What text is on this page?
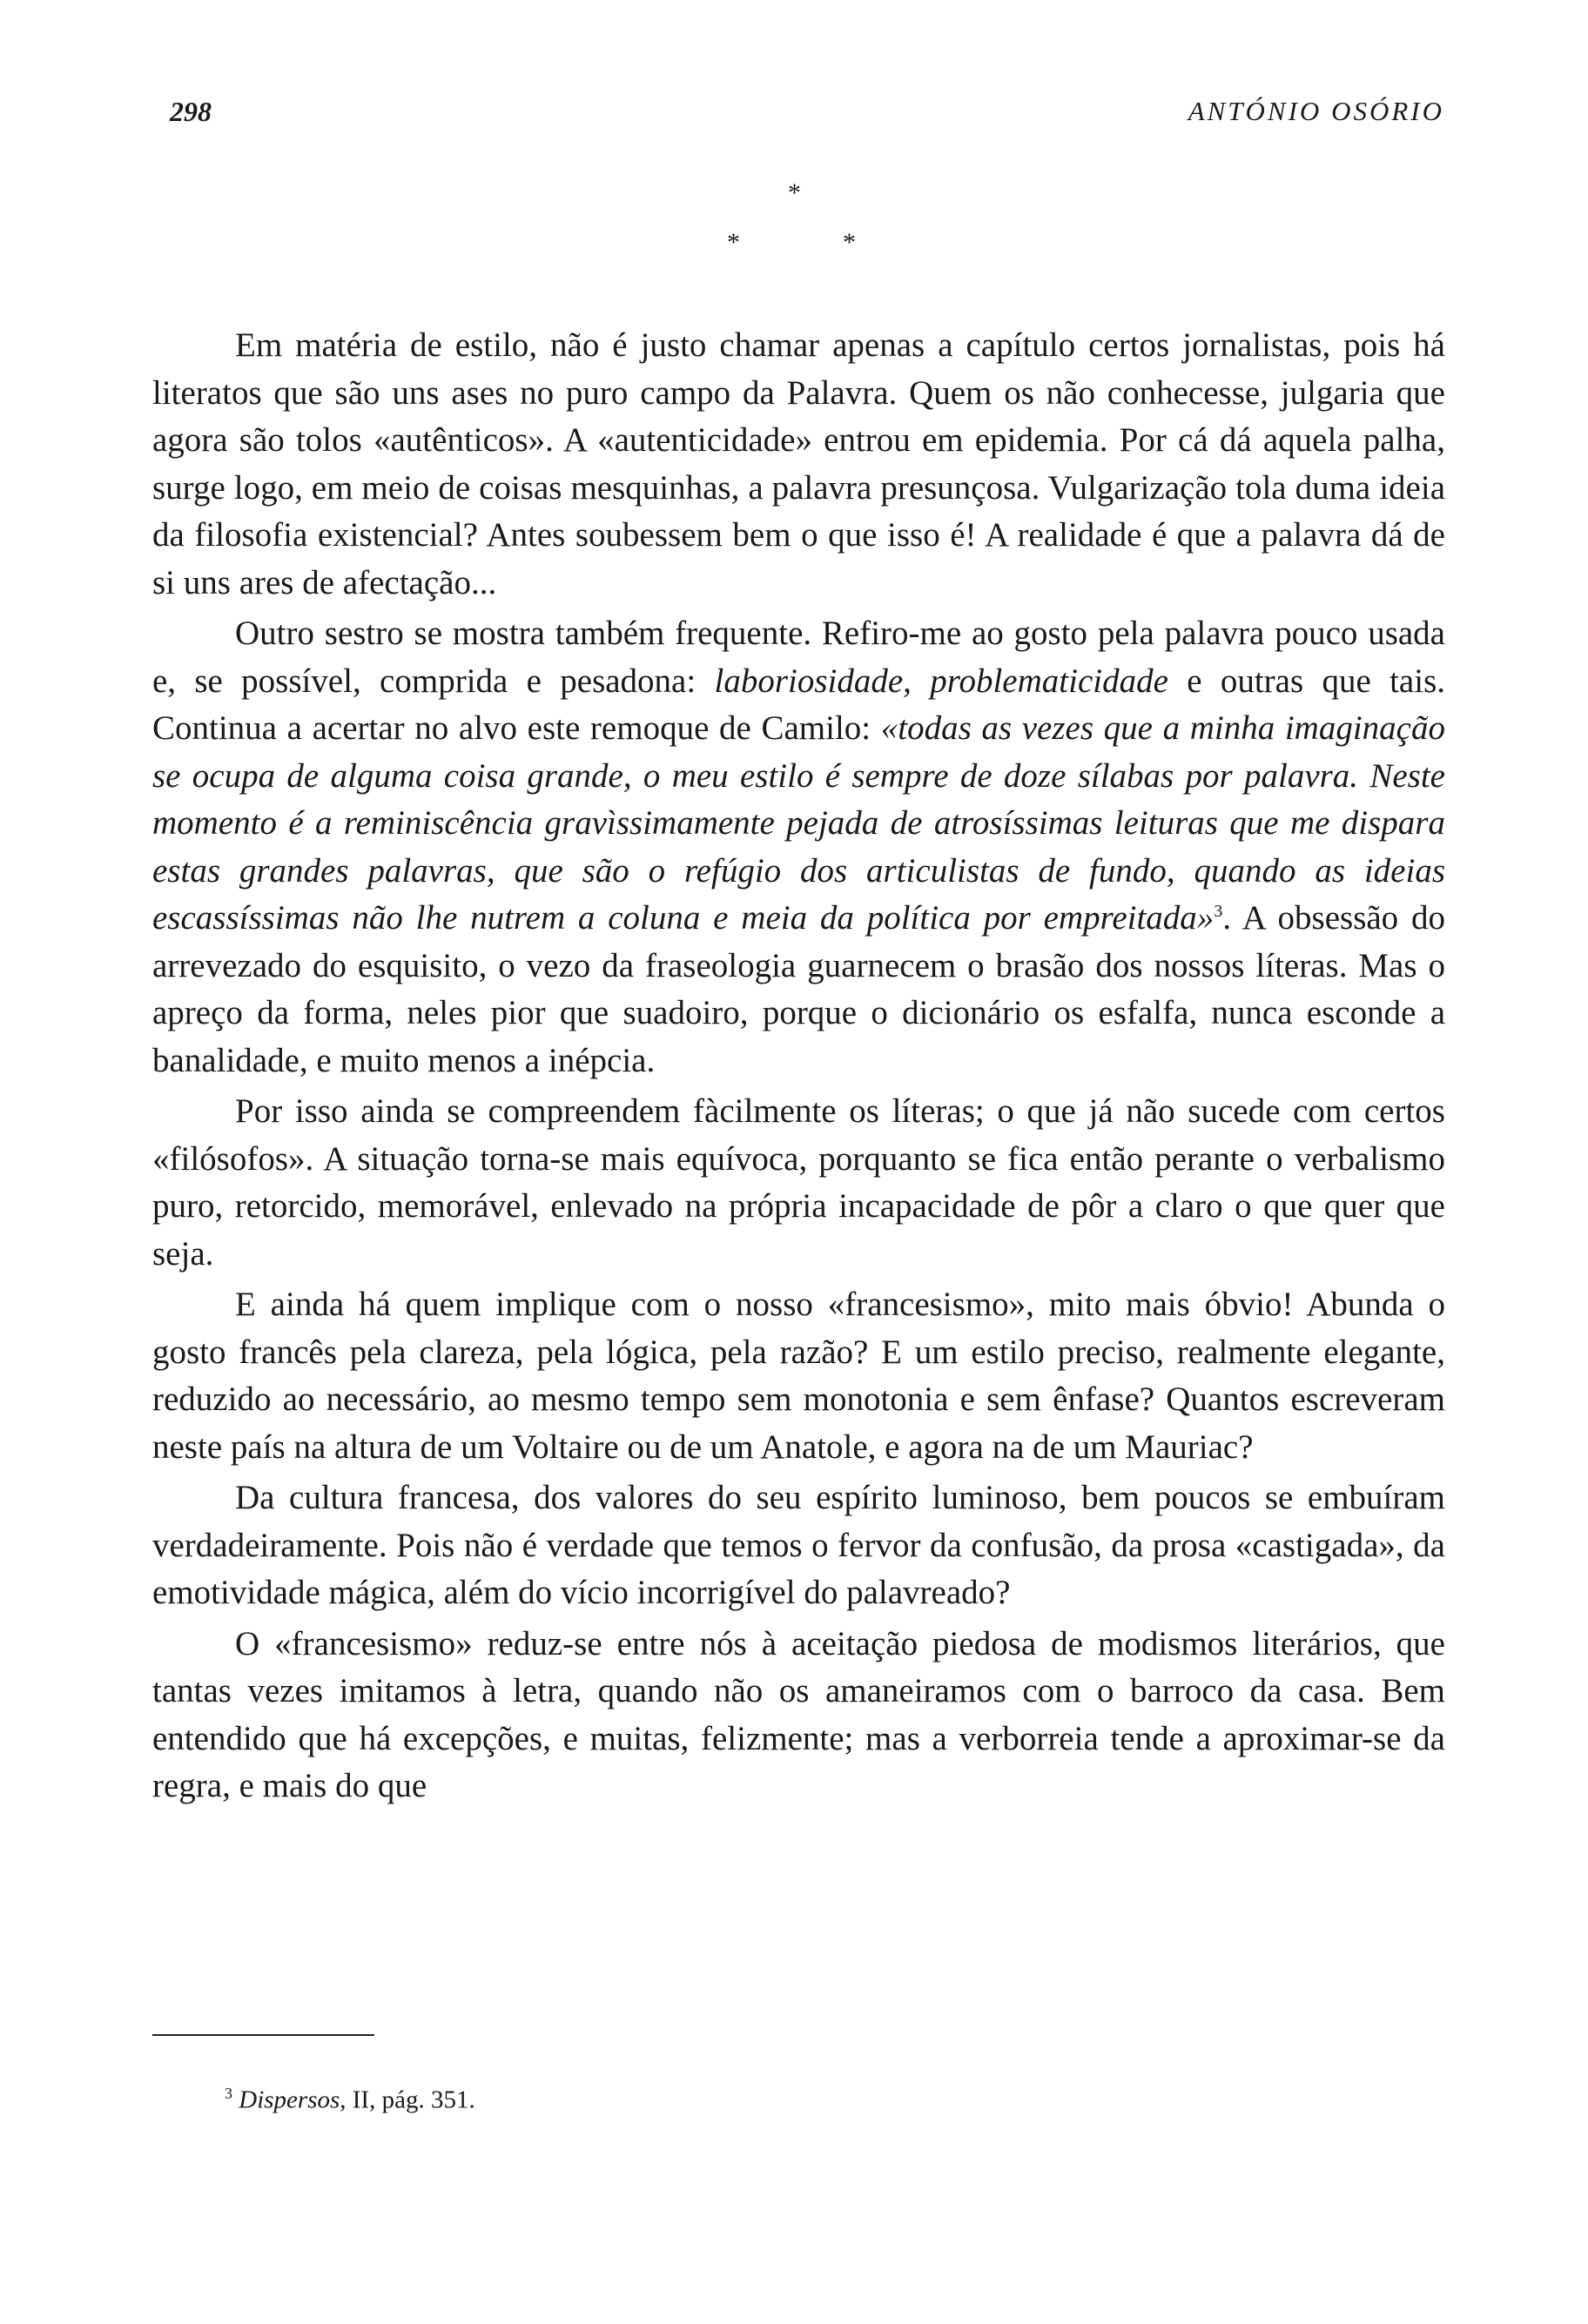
298	ANTÓNIO OSÓRIO
*
*	*

Em matéria de estilo, não é justo chamar apenas a capítulo certos jornalistas, pois há literatos que são uns ases no puro campo da Palavra. Quem os não conhecesse, julgaria que agora são tolos «autênticos». A «autenticidade» entrou em epidemia. Por cá dá aquela palha, surge logo, em meio de coisas mesquinhas, a palavra presunçosa. Vulgarização tola duma ideia da filosofia existencial? Antes soubessem bem o que isso é! A realidade é que a palavra dá de si uns ares de afectação...

Outro sestro se mostra também frequente. Refiro-me ao gosto pela palavra pouco usada e, se possível, comprida e pesadona: laboriosidade, problematicidade e outras que tais. Continua a acertar no alvo este remoque de Camilo: «todas as vezes que a minha imaginação se ocupa de alguma coisa grande, o meu estilo é sempre de doze sílabas por palavra. Neste momento é a reminiscência gravìssimamente pejada de atrosíssimas leituras que me dispara estas grandes palavras, que são o refúgio dos articulistas de fundo, quando as ideias escassíssimas não lhe nutrem a coluna e meia da política por empreitada»$^3$. A obsessão do arrevezado do esquisito, o vezo da fraseologia guarnecem o brasão dos nossos líteras. Mas o apreço da forma, neles pior que suadoiro, porque o dicionário os esfalfa, nunca esconde a banalidade, e muito menos a inépcia.

Por isso ainda se compreendem fàcilmente os líteras; o que já não sucede com certos «filósofos». A situação torna-se mais equívoca, porquanto se fica então perante o verbalismo puro, retorcido, memorável, enlevado na própria incapacidade de pôr a claro o que quer que seja.

E ainda há quem implique com o nosso «francesismo», mito mais óbvio! Abunda o gosto francês pela clareza, pela lógica, pela razão? E um estilo preciso, realmente elegante, reduzido ao necessário, ao mesmo tempo sem monotonia e sem ênfase? Quantos escreveram neste país na altura de um Voltaire ou de um Anatole, e agora na de um Mauriac?

Da cultura francesa, dos valores do seu espírito luminoso, bem poucos se embuíram verdadeiramente. Pois não é verdade que temos o fervor da confusão, da prosa «castigada», da emotividade mágica, além do vício incorrigível do palavreado?

O «francesismo» reduz-se entre nós à aceitação piedosa de modismos literários, que tantas vezes imitamos à letra, quando não os amaneiramos com o barroco da casa. Bem entendido que há excepções, e muitas, felizmente; mas a verborreia tende a aproximar-se da regra, e mais do que

$^3$ Dispersos, II, pág. 351.
